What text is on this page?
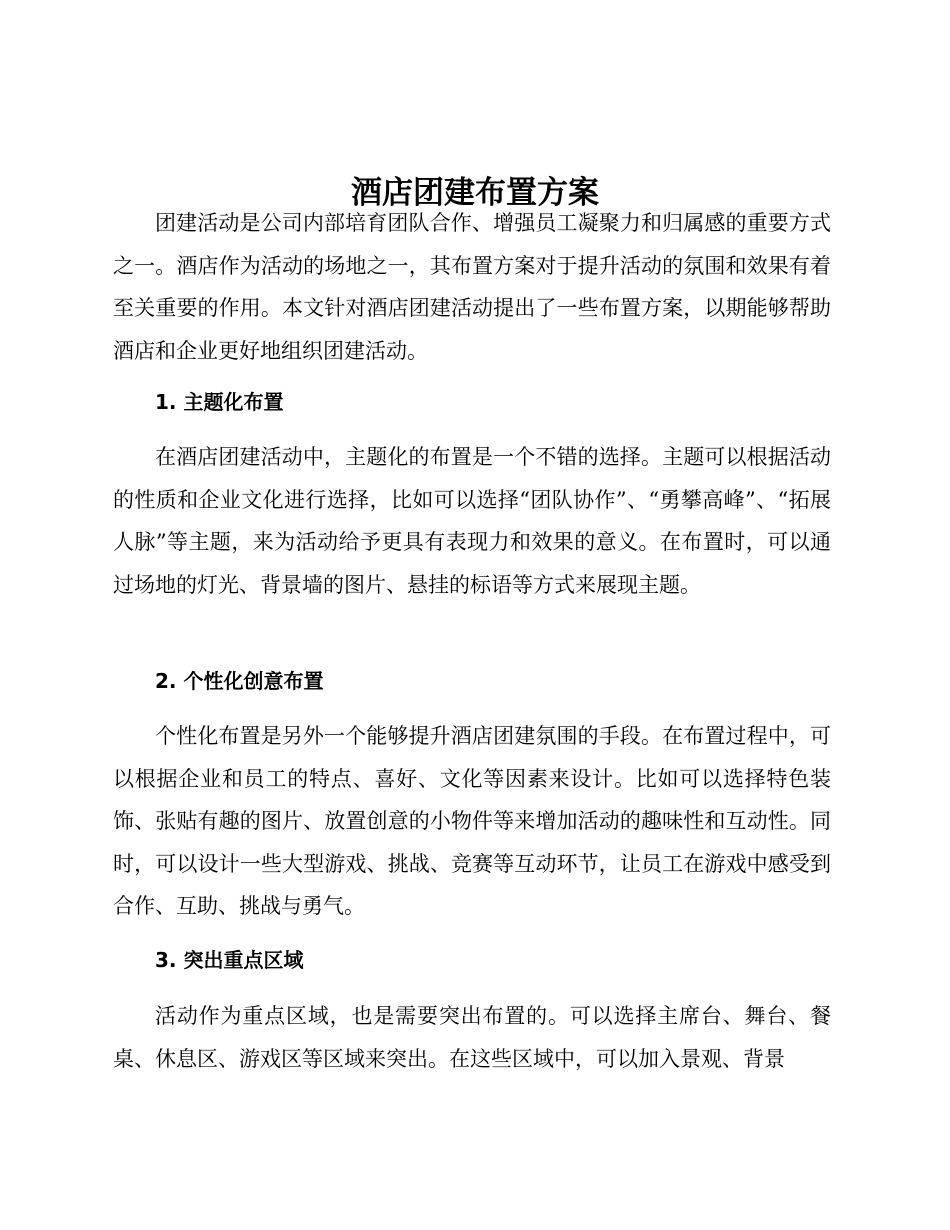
酒店团建布置方案

团建活动是公司内部培育团队合作、增强员工凝聚力和归属感的重要方式之一。酒店作为活动的场地之一，其布置方案对于提升活动的氛围和效果有着至关重要的作用。本文针对酒店团建活动提出了一些布置方案，以期能够帮助酒店和企业更好地组织团建活动。

1. 主题化布置

在酒店团建活动中，主题化的布置是一个不错的选择。主题可以根据活动的性质和企业文化进行选择，比如可以选择“团队协作”、“勇攀高峰”、“拓展人脉”等主题，来为活动给予更具有表现力和效果的意义。在布置时，可以通过场地的灯光、背景墙的图片、悬挂的标语等方式来展现主题。

2. 个性化创意布置

个性化布置是另外一个能够提升酒店团建氛围的手段。在布置过程中，可以根据企业和员工的特点、喜好、文化等因素来设计。比如可以选择特色装饰、张贴有趣的图片、放置创意的小物件等来增加活动的趣味性和互动性。同时，可以设计一些大型游戏、挑战、竞赛等互动环节，让员工在游戏中感受到合作、互助、挑战与勇气。

3. 突出重点区域

活动作为重点区域，也是需要突出布置的。可以选择主席台、舞台、餐桌、休息区、游戏区等区域来突出。在这些区域中，可以加入景观、背景
